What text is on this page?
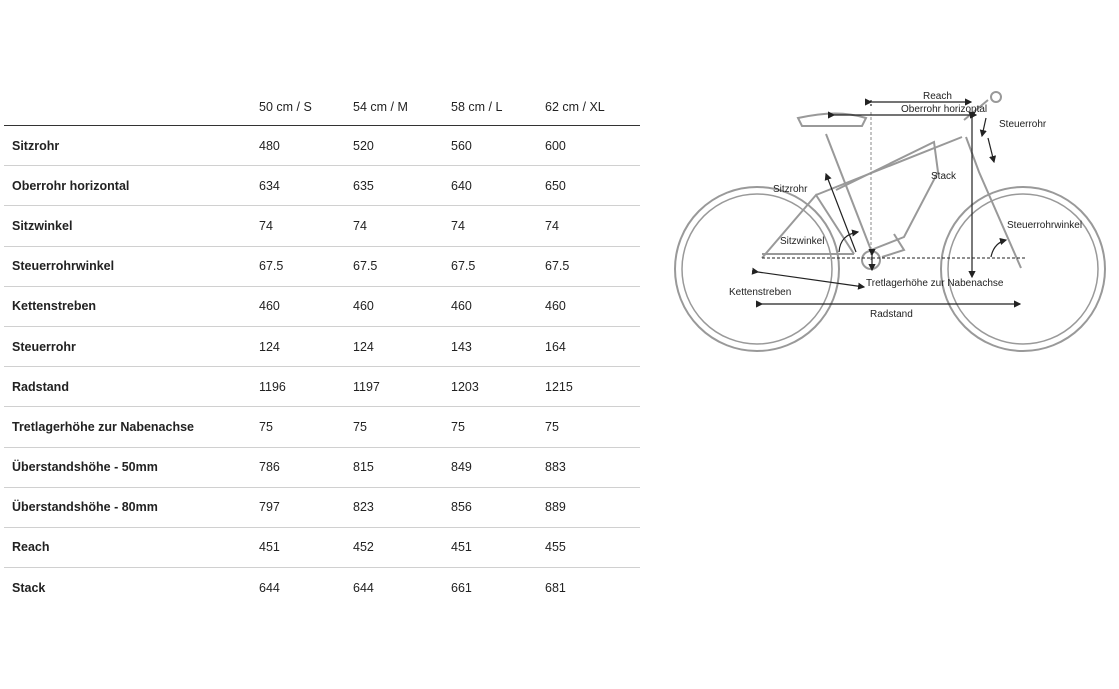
	50 cm / S	54 cm / M	58 cm / L	62 cm / XL
Sitzrohr	480	520	560	600
Oberrohr horizontal	634	635	640	650
Sitzwinkel	74	74	74	74
Steuerrohrwinkel	67.5	67.5	67.5	67.5
Kettenstreben	460	460	460	460
Steuerrohr	124	124	143	164
Radstand	1196	1197	1203	1215
Tretlagerhöhe zur Nabenachse	75	75	75	75
Überstandshöhe - 50mm	786	815	849	883
Überstandshöhe - 80mm	797	823	856	889
Reach	451	452	451	455
Stack	644	644	661	681
Reach
Oberrohr horizontal
Steuerrohr
Sitzrohr
Stack
Sitzwinkel
Steuerrohrwinkel
Tretlagerhöhe zur Nabenachse
Kettenstreben
Radstand
